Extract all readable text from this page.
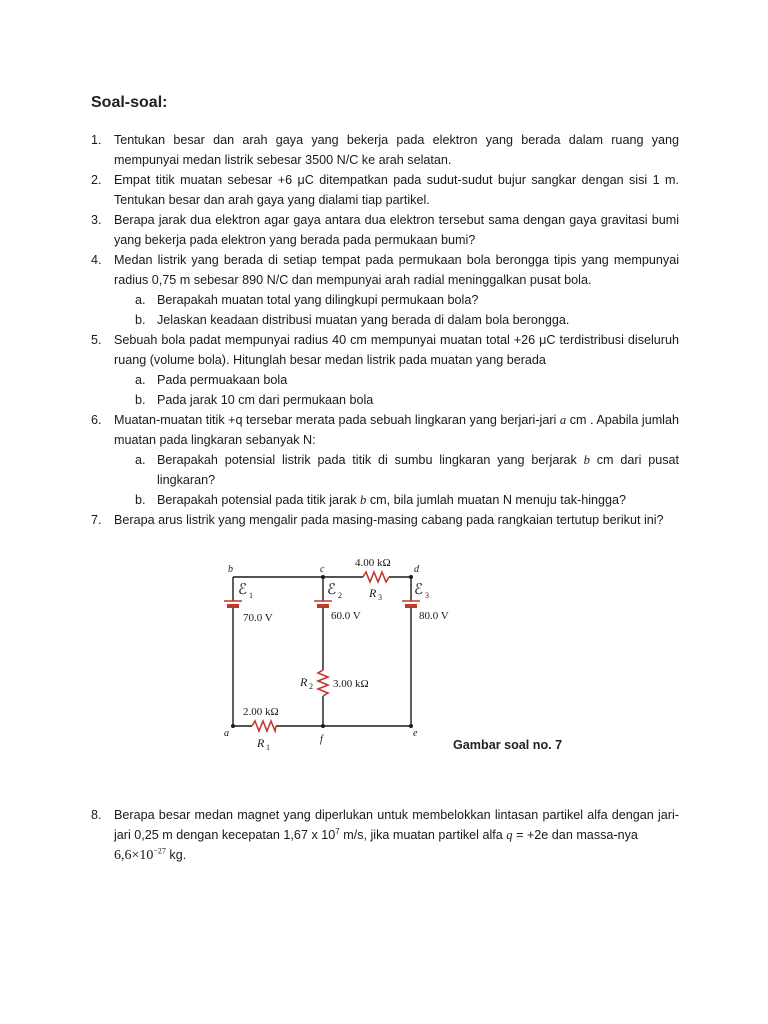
Soal-soal:
1. Tentukan besar dan arah gaya yang bekerja pada elektron yang berada dalam ruang yang mempunyai medan listrik sebesar 3500 N/C ke arah selatan.
2. Empat titik muatan sebesar +6 μC ditempatkan pada sudut-sudut bujur sangkar dengan sisi 1 m. Tentukan besar dan arah gaya yang dialami tiap partikel.
3. Berapa jarak dua elektron agar gaya antara dua elektron tersebut sama dengan gaya gravitasi bumi yang bekerja pada elektron yang berada pada permukaan bumi?
4. Medan listrik yang berada di setiap tempat pada permukaan bola berongga tipis yang mempunyai radius 0,75 m sebesar 890 N/C dan mempunyai arah radial meninggalkan pusat bola.
a. Berapakah muatan total yang dilingkupi permukaan bola?
b. Jelaskan keadaan distribusi muatan yang berada di dalam bola berongga.
5. Sebuah bola padat mempunyai radius 40 cm mempunyai muatan total +26 μC terdistribusi diseluruh ruang (volume bola). Hitunglah besar medan listrik pada muatan yang berada
a. Pada permuakaan bola
b. Pada jarak 10 cm dari permukaan bola
6. Muatan-muatan titik +q tersebar merata pada sebuah lingkaran yang berjari-jari a cm . Apabila jumlah muatan pada lingkaran sebanyak N:
a. Berapakah potensial listrik pada titik di sumbu lingkaran yang berjarak b cm dari pusat lingkaran?
b. Berapakah potensial pada titik jarak b cm, bila jumlah muatan N menuju tak-hingga?
7. Berapa arus listrik yang mengalir pada masing-masing cabang pada rangkaian tertutup berikut ini?
b	c	d
a
f
e
ℰ 1	ℰ 2	ℰ 3
70.0 V	60.0 V	80.0 V
4.00 kΩ
R 3
2.00 kΩ
R 1
R 2 3.00 kΩ
Gambar soal no. 7
8. Berapa besar medan magnet yang diperlukan untuk membelokkan lintasan partikel alfa dengan jari-jari 0,25 m dengan kecepatan 1,67 x $10^7$ m/s, jika muatan partikel alfa q = +2e dan massa-nya
$6,6\times 10^{-27}$ kg.
